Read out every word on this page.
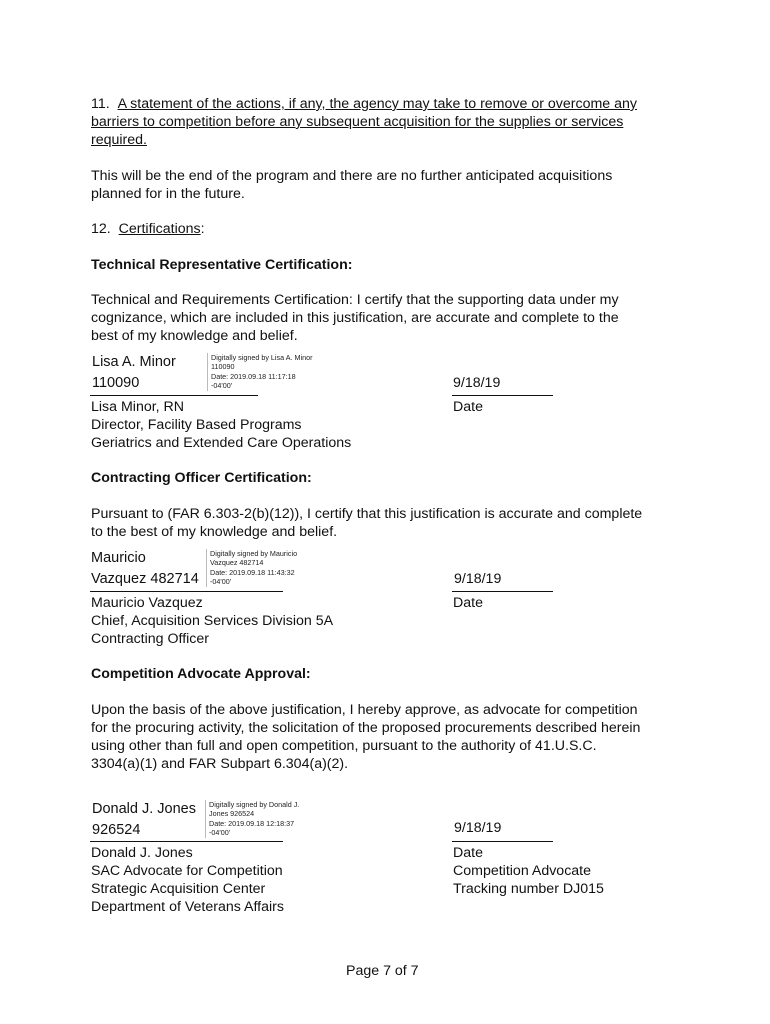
11. A statement of the actions, if any, the agency may take to remove or overcome any
barriers to competition before any subsequent acquisition for the supplies or services
required.
This will be the end of the program and there are no further anticipated acquisitions
planned for in the future.
12. Certifications:
Technical Representative Certification:
Technical and Requirements Certification: I certify that the supporting data under my
cognizance, which are included in this justification, are accurate and complete to the
best of my knowledge and belief.
Lisa A. Minor
110090
Digitally signed by Lisa A. Minor
110090
Date: 2019.09.18 11:17:18
-04'00'	9/18/19
Lisa Minor, RN	Date
Director, Facility Based Programs
Geriatrics and Extended Care Operations
Contracting Officer Certification:
Pursuant to (FAR 6.303-2(b)(12)), I certify that this justification is accurate and complete
to the best of my knowledge and belief.
Mauricio
Vazquez 482714
Digitally signed by Mauricio
Vazquez 482714
Date: 2019.09.18 11:43:32
-04'00'	9/18/19
Mauricio Vazquez	Date
Chief, Acquisition Services Division 5A
Contracting Officer
Competition Advocate Approval:
Upon the basis of the above justification, I hereby approve, as advocate for competition
for the procuring activity, the solicitation of the proposed procurements described herein
using other than full and open competition, pursuant to the authority of 41.U.S.C.
3304(a)(1) and FAR Subpart 6.304(a)(2).
Donald J. Jones
926524
Digitally signed by Donald J.
Jones 926524
Date: 2019.09.18 12:18:37
-04'00'	9/18/19
Donald J. Jones	Date
SAC Advocate for Competition	Competition Advocate
Strategic Acquisition Center	Tracking number DJ015
Department of Veterans Affairs
Page 7 of 7
